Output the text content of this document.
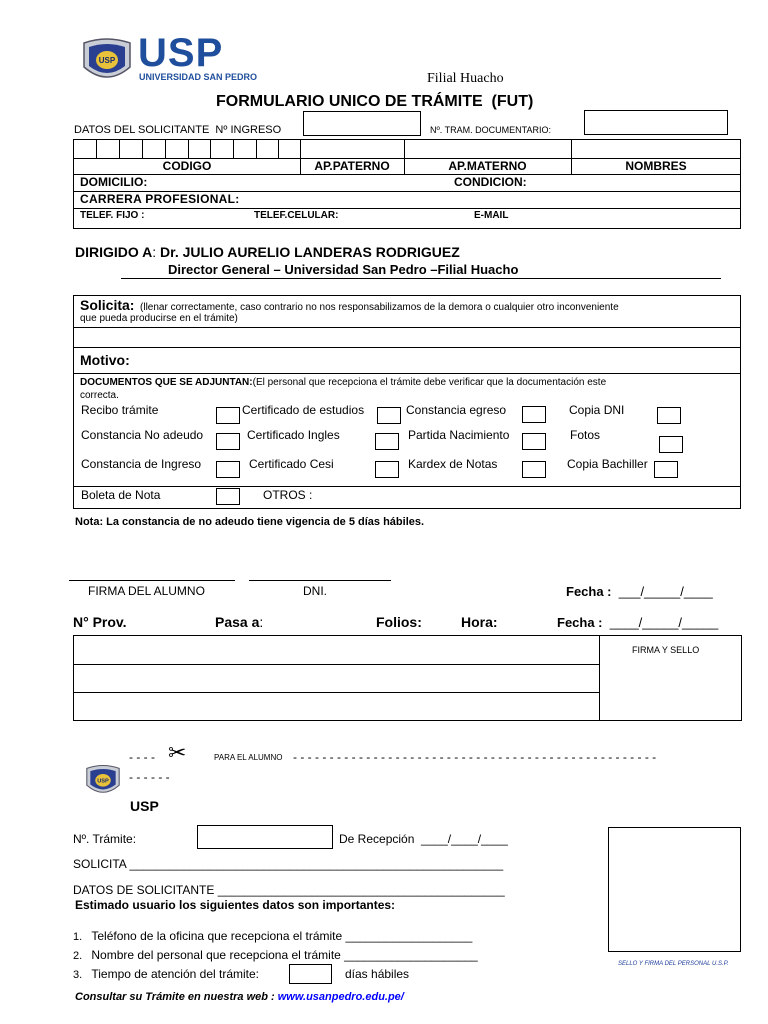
USP USP
UNIVERSIDAD SAN PEDRO	Filial Huacho
FORMULARIO UNICO DE TRÁMITE (FUT)
DATOS DEL SOLICITANTE Nº INGRESO	Nº. TRAM. DOCUMENTARIO:
CODIGO	AP.PATERNO	AP.MATERNO	NOMBRES
DOMICILIO:	CONDICION:
CARRERA PROFESIONAL:
TELEF. FIJO :	TELEF.CELULAR:	E-MAIL
DIRIGIDO A: Dr. JULIO AURELIO LANDERAS RODRIGUEZ
Director General – Universidad San Pedro –Filial Huacho
Solicita: (llenar correctamente, caso contrario no nos responsabilizamos de la demora o cualquier otro inconveniente
que pueda producirse en el trámite)
Motivo:
DOCUMENTOS QUE SE ADJUNTAN:(El personal que recepciona el trámite debe verificar que la documentación este
correcta.
Recibo trámite	Certificado de estudios	Constancia egreso	Copia DNI
Constancia No adeudo	Certificado Ingles	Partida Nacimiento	Fotos
Constancia de Ingreso	Certificado Cesi	Kardex de Notas	Copia Bachiller
Boleta de Nota	OTROS :
Nota: La constancia de no adeudo tiene vigencia de 5 días hábiles.
FIRMA DEL ALUMNO	DNI.	Fecha : ___/_____/____
N° Prov.	Pasa a:	Folios:	Hora:	Fecha : ____/_____/_____
FIRMA Y SELLO
- - - - ✂	PARA EL ALUMNO - - - - - - - - - - - - - - - - - - - - - - - - - - - - - - - - - - - - - - - - - - - - - - - - - -
- - - - - -
USP
USP
Nº. Trámite:	De Recepción ____/____/____
SELLO Y FIRMA DEL PERSONAL U.S.P.
SOLICITA ________________________________________________________
DATOS DE SOLICITANTE ___________________________________________
Estimado usuario los siguientes datos son importantes:
1. Teléfono de la oficina que recepciona el trámite ___________________
2. Nombre del personal que recepciona el trámite ____________________
3. Tiempo de atención del trámite:	días hábiles
Consultar su Trámite en nuestra web : www.usanpedro.edu.pe/
